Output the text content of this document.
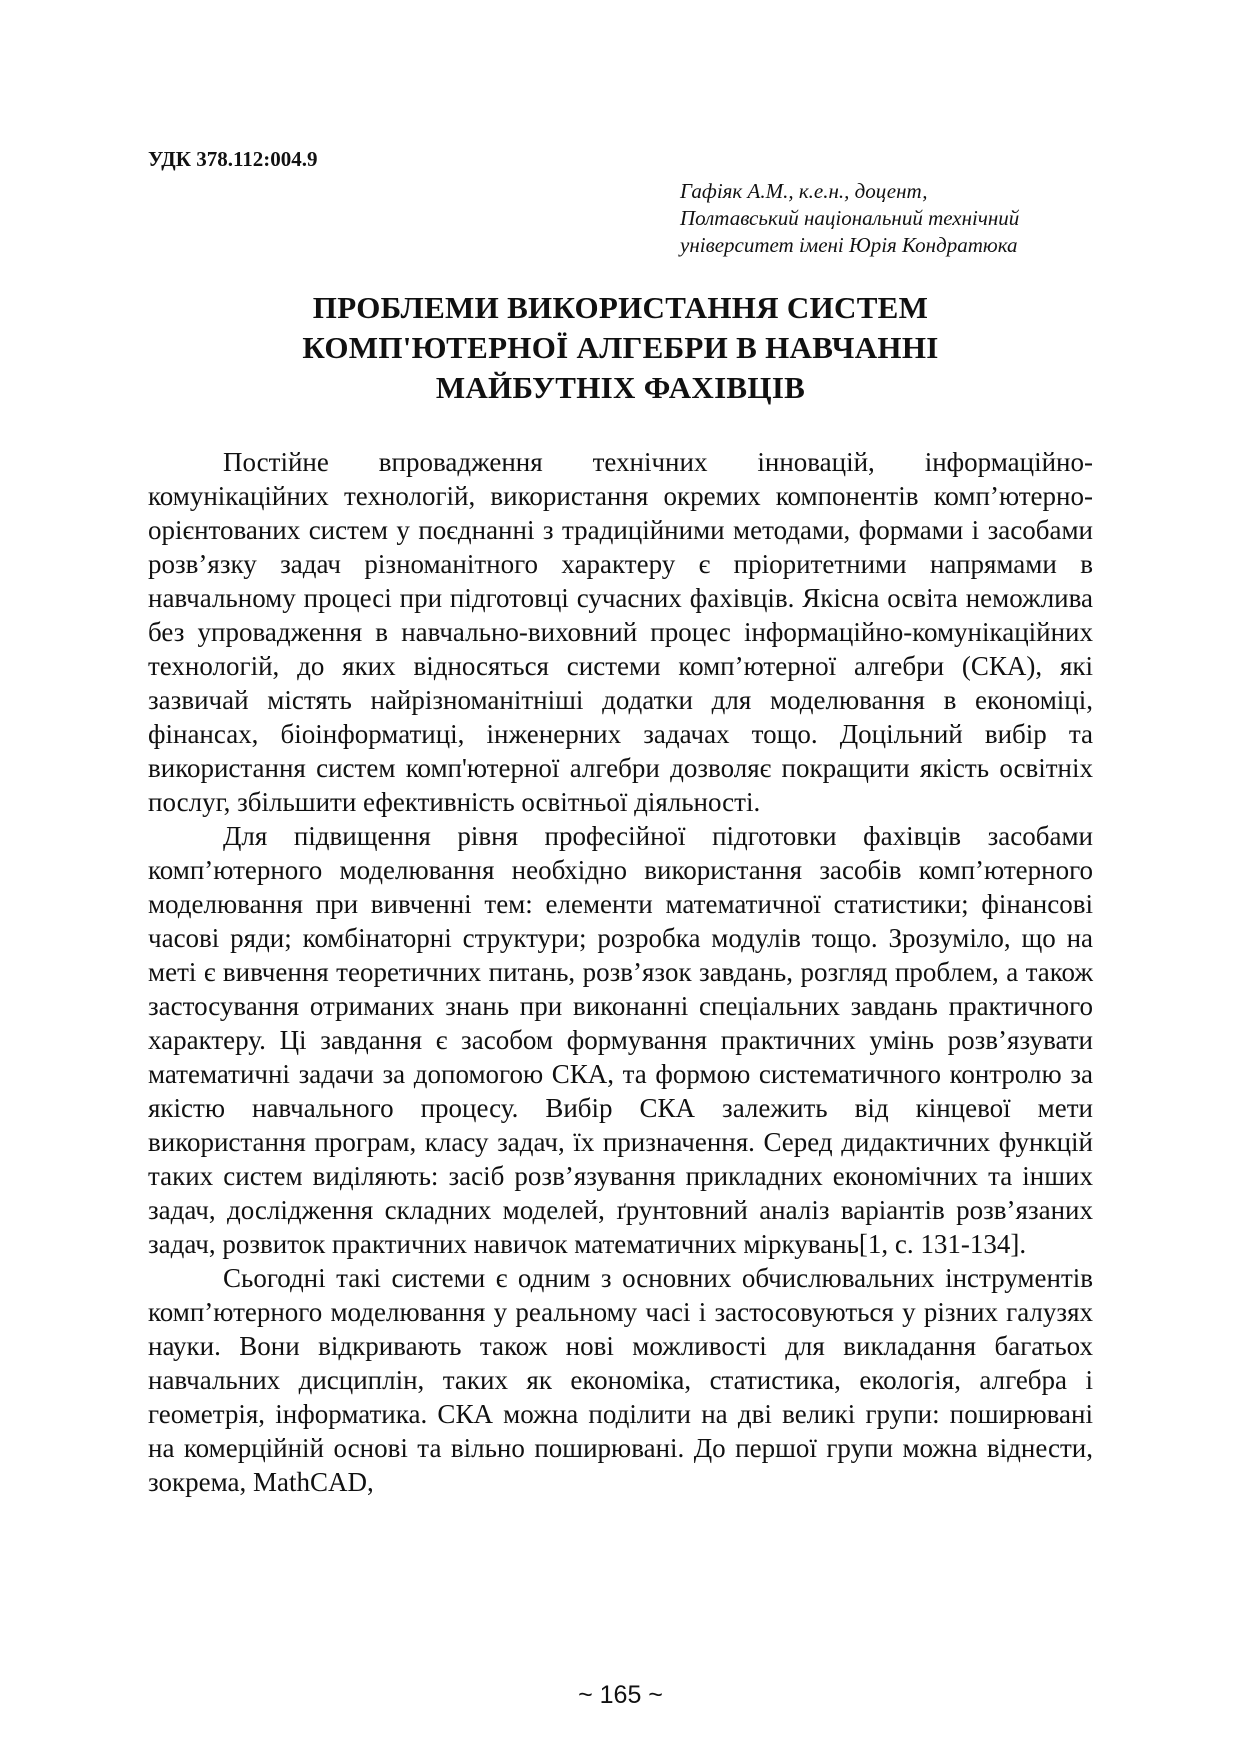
УДК 378.112:004.9
Гафіяк А.М., к.е.н., доцент,
Полтавський національний технічний
університет імені Юрія Кондратюка
ПРОБЛЕМИ ВИКОРИСТАННЯ СИСТЕМ
КОМП'ЮТЕРНОЇ АЛГЕБРИ В НАВЧАННІ
МАЙБУТНІХ ФАХІВЦІВ

Постійне впровадження технічних інновацій, інформаційно-комунікаційних технологій, використання окремих компонентів комп’ютерно-орієнтованих систем у поєднанні з традиційними методами, формами і засобами розв’язку задач різноманітного характеру є пріоритетними напрямами в навчальному процесі при підготовці сучасних фахівців. Якісна освіта неможлива без упровадження в навчально-виховний процес інформаційно-комунікаційних технологій, до яких відносяться системи комп’ютерної алгебри (СКА), які зазвичай містять найрізноманітніші додатки для моделювання в економіці, фінансах, біоінформатиці, інженерних задачах тощо. Доцільний вибір та використання систем комп'ютерної алгебри дозволяє покращити якість освітніх послуг, збільшити ефективність освітньої діяльності.

Для підвищення рівня професійної підготовки фахівців засобами комп’ютерного моделювання необхідно використання засобів комп’ютерного моделювання при вивченні тем: елементи математичної статистики; фінансові часові ряди; комбінаторні структури; розробка модулів тощо. Зрозуміло, що на меті є вивчення теоретичних питань, розв’язок завдань, розгляд проблем, а також застосування отриманих знань при виконанні спеціальних завдань практичного характеру. Ці завдання є засобом формування практичних умінь розв’язувати математичні задачи за допомогою СКА, та формою систематичного контролю за якістю навчального процесу. Вибір СКА залежить від кінцевої мети використання програм, класу задач, їх призначення. Серед дидактичних функцій таких систем виділяють: засіб розв’язування прикладних економічних та інших задач, дослідження складних моделей, ґрунтовний аналіз варіантів розв’язаних задач, розвиток практичних навичок математичних міркувань[1, с. 131-134].

Сьогодні такі системи є одним з основних обчислювальних інструментів комп’ютерного моделювання у реальному часі і застосовуються у різних галузях науки. Вони відкривають також нові можливості для викладання багатьох навчальних дисциплін, таких як економіка, статистика, екологія, алгебра і геометрія, інформатика. СКА можна поділити на дві великі групи: поширювані на комерційній основі та вільно поширювані. До першої групи можна віднести, зокрема, MathCAD,

~ 165 ~
